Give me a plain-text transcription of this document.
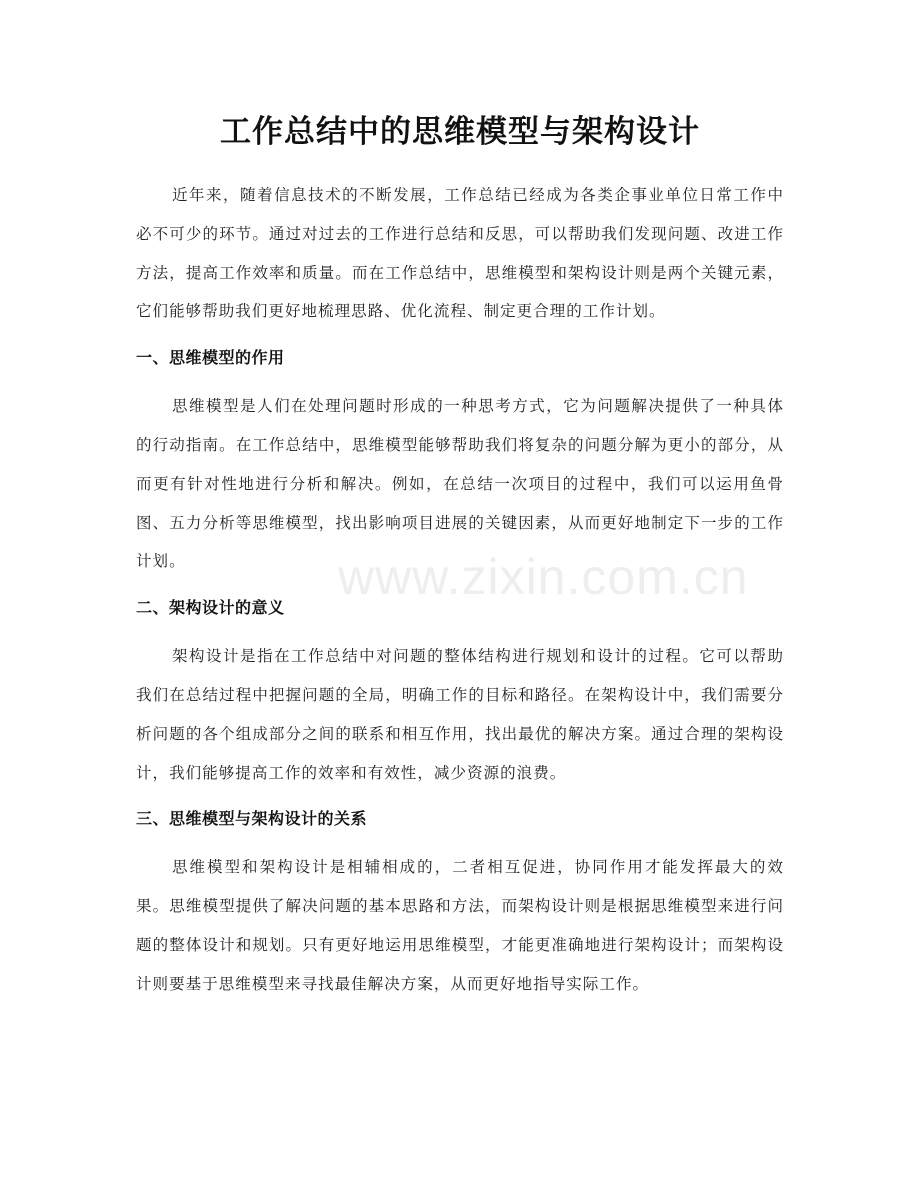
工作总结中的思维模型与架构设计
www.zixin.com.cn

近年来，随着信息技术的不断发展，工作总结已经成为各类企事业单位日常工作中必不可少的环节。通过对过去的工作进行总结和反思，可以帮助我们发现问题、改进工作方法，提高工作效率和质量。而在工作总结中，思维模型和架构设计则是两个关键元素，它们能够帮助我们更好地梳理思路、优化流程、制定更合理的工作计划。

一、思维模型的作用

思维模型是人们在处理问题时形成的一种思考方式，它为问题解决提供了一种具体的行动指南。在工作总结中，思维模型能够帮助我们将复杂的问题分解为更小的部分，从而更有针对性地进行分析和解决。例如，在总结一次项目的过程中，我们可以运用鱼骨图、五力分析等思维模型，找出影响项目进展的关键因素，从而更好地制定下一步的工作计划。

二、架构设计的意义

架构设计是指在工作总结中对问题的整体结构进行规划和设计的过程。它可以帮助我们在总结过程中把握问题的全局，明确工作的目标和路径。在架构设计中，我们需要分析问题的各个组成部分之间的联系和相互作用，找出最优的解决方案。通过合理的架构设计，我们能够提高工作的效率和有效性，减少资源的浪费。

三、思维模型与架构设计的关系

思维模型和架构设计是相辅相成的，二者相互促进，协同作用才能发挥最大的效果。思维模型提供了解决问题的基本思路和方法，而架构设计则是根据思维模型来进行问题的整体设计和规划。只有更好地运用思维模型，才能更准确地进行架构设计；而架构设计则要基于思维模型来寻找最佳解决方案，从而更好地指导实际工作。
